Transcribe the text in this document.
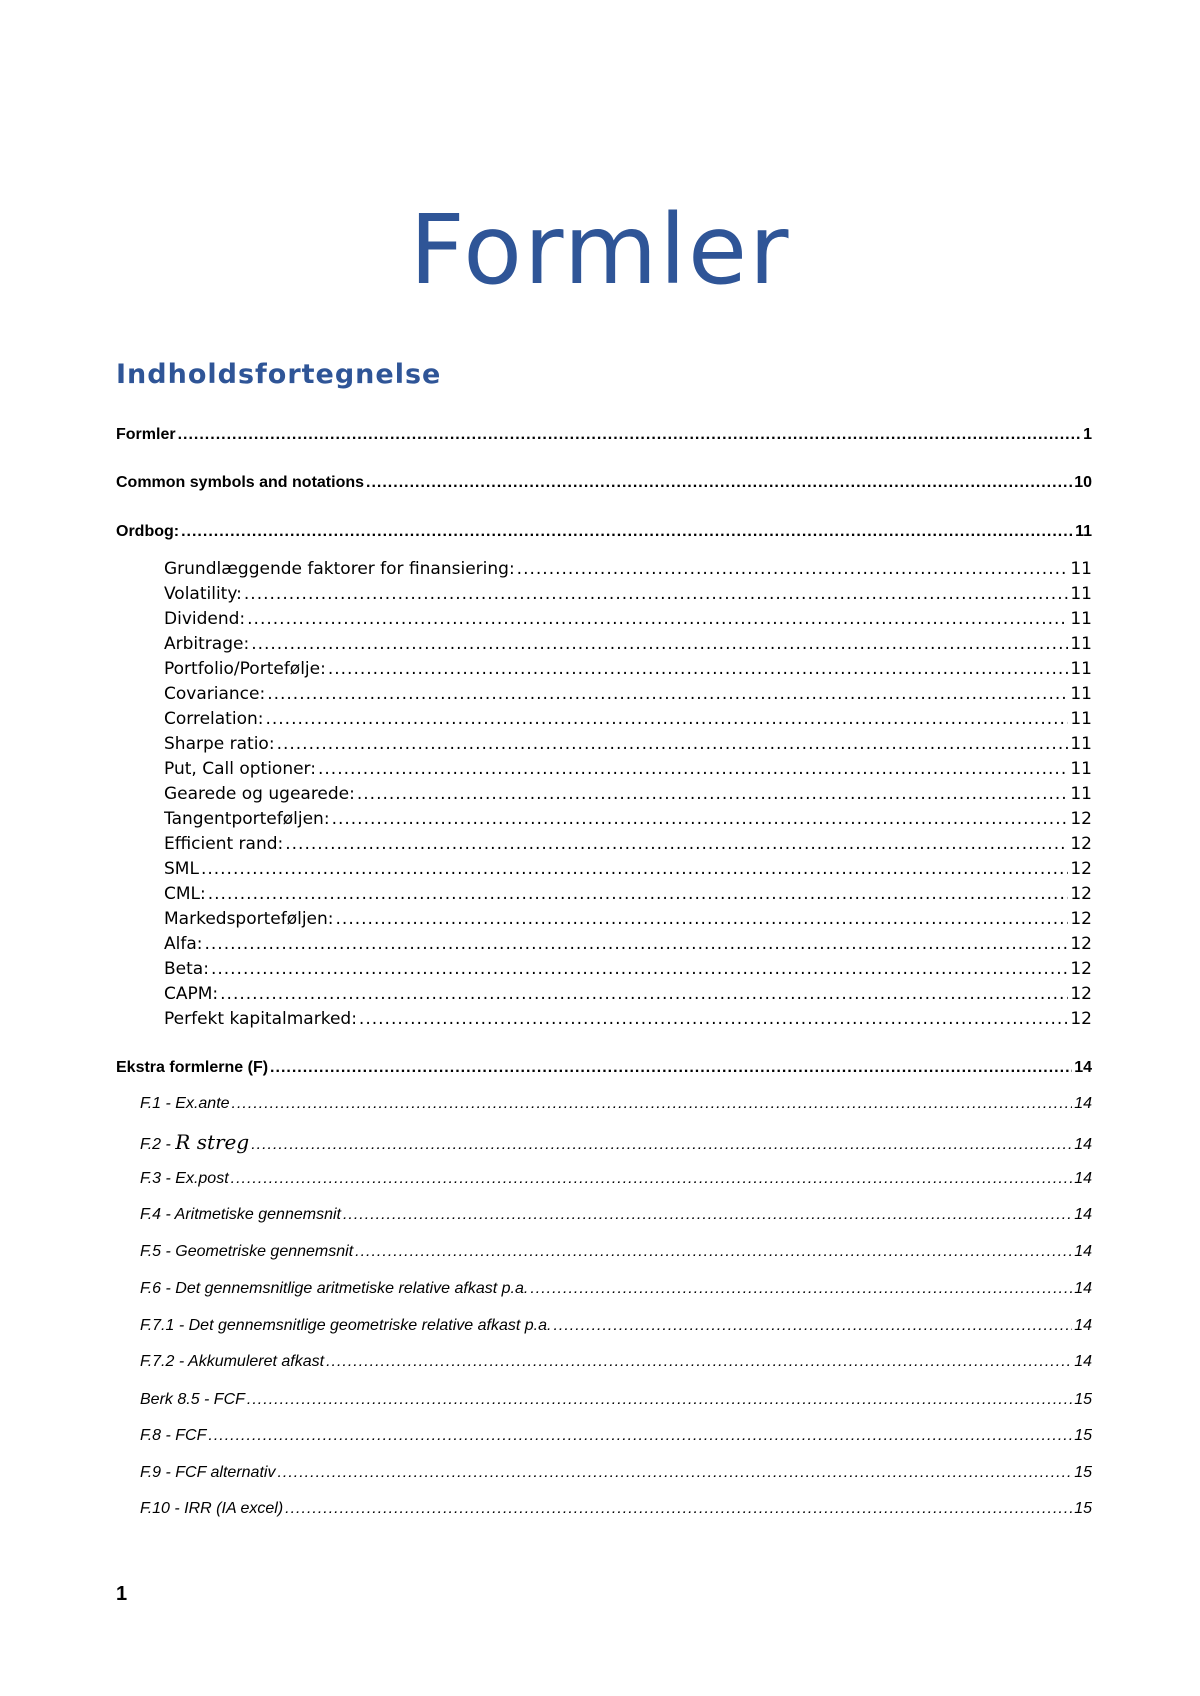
Formler
Indholdsfortegnelse
Formler .....	1
Common symbols and notations .....	10
Ordbog: .....	11
Grundlæggende faktorer for finansiering: .....	11
Volatility: .....	11
Dividend: .....	11
Arbitrage: .....	11
Portfolio/Portefølje: .....	11
Covariance: .....	11
Correlation: .....	11
Sharpe ratio: .....	11
Put, Call optioner: .....	11
Gearede og ugearede: .....	11
Tangentporteføljen: .....	12
Efficient rand: .....	12
SML .....	12
CML: .....	12
Markedsporteføljen: .....	12
Alfa: .....	12
Beta: .....	12
CAPM: .....	12
Perfekt kapitalmarked: .....	12
Ekstra formlerne (F) .....	14
F.1 - Ex.ante .....	14
F.2 - R streg .....	14
F.3 - Ex.post .....	14
F.4 - Aritmetiske gennemsnit .....	14
F.5 - Geometriske gennemsnit .....	14
F.6 - Det gennemsnitlige aritmetiske relative afkast p.a. .....	14
F.7.1 - Det gennemsnitlige geometriske relative afkast p.a. .....	14
F.7.2 - Akkumuleret afkast .....	14
Berk 8.5 - FCF .....	15
F.8 - FCF .....	15
F.9 - FCF alternativ .....	15
F.10 - IRR (IA excel) .....	15
1
